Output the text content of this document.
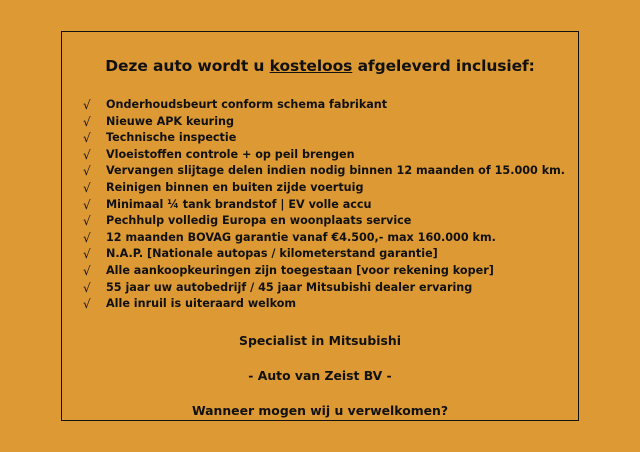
Deze auto wordt u kosteloos afgeleverd inclusief:
√	Onderhoudsbeurt conform schema fabrikant
√	Nieuwe APK keuring
√	Technische inspectie
√	Vloeistoffen controle + op peil brengen
√	Vervangen slijtage delen indien nodig binnen 12 maanden of 15.000 km.
√	Reinigen binnen en buiten zijde voertuig
√	Minimaal ¼ tank brandstof | EV volle accu
√	Pechhulp volledig Europa en woonplaats service
√	12 maanden BOVAG garantie vanaf €4.500,- max 160.000 km.
√	N.A.P. [Nationale autopas / kilometerstand garantie]
√	Alle aankoopkeuringen zijn toegestaan [voor rekening koper]
√	55 jaar uw autobedrijf / 45 jaar Mitsubishi dealer ervaring
√	Alle inruil is uiteraard welkom
Specialist in Mitsubishi
- Auto van Zeist BV -
Wanneer mogen wij u verwelkomen?
